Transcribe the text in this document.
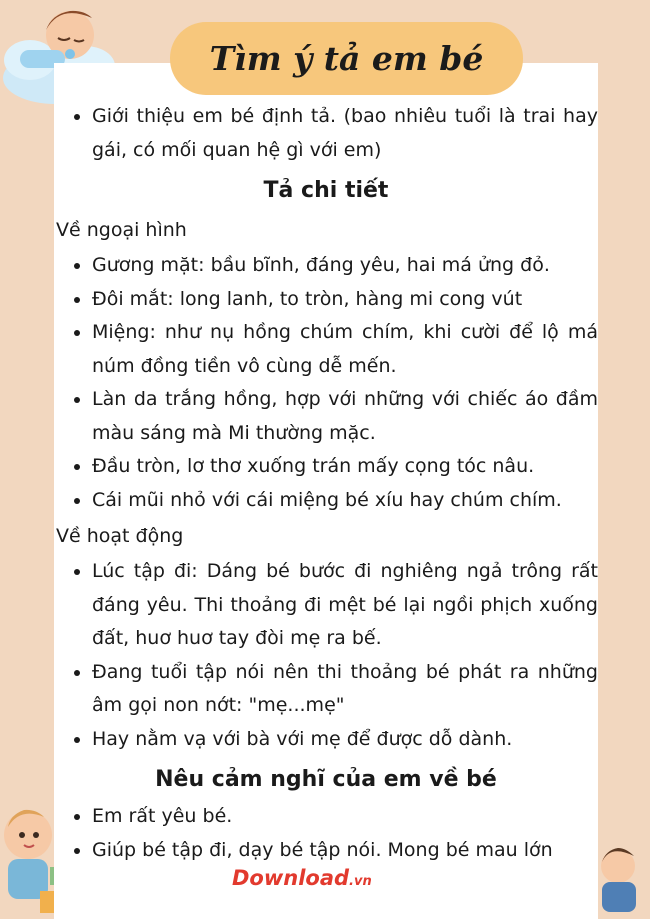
Tìm ý tả em bé
• Giới thiệu em bé định tả. (bao nhiêu tuổi là trai hay gái, có mối quan hệ gì với em)
Tả chi tiết
Về ngoại hình
• Gương mặt: bầu bĩnh, đáng yêu, hai má ửng đỏ.
• Đôi mắt: long lanh, to tròn, hàng mi cong vút
• Miệng: như nụ hồng chúm chím, khi cười để lộ má núm đồng tiền vô cùng dễ mến.
• Làn da trắng hồng, hợp với những với chiếc áo đầm màu sáng mà Mi thường mặc.
• Đầu tròn, lơ thơ xuống trán mấy cọng tóc nâu.
• Cái mũi nhỏ với cái miệng bé xíu hay chúm chím.
Về hoạt động
• Lúc tập đi: Dáng bé bước đi nghiêng ngả trông rất đáng yêu. Thi thoảng đi mệt bé lại ngồi phịch xuống đất, huơ huơ tay đòi mẹ ra bế.
• Đang tuổi tập nói nên thi thoảng bé phát ra những âm gọi non nớt: "mẹ...mẹ"
• Hay nằm vạ với bà với mẹ để được dỗ dành.
Nêu cảm nghĩ của em về bé
• Em rất yêu bé.
• Giúp bé tập đi, dạy bé tập nói. Mong bé mau lớn
Download.vn
